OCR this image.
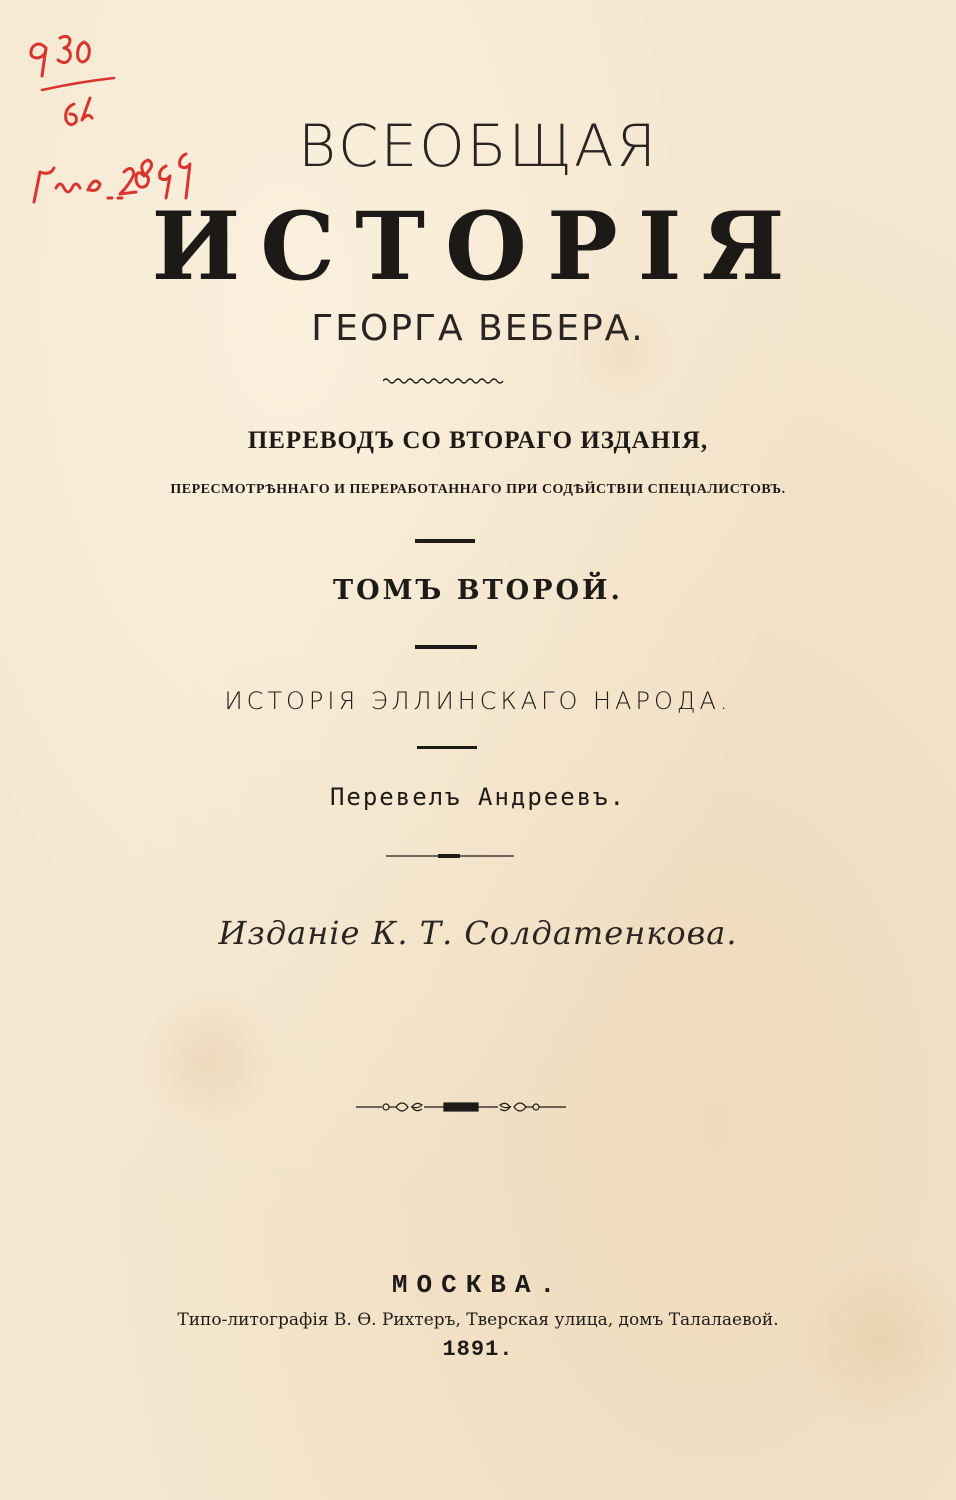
ВСЕОБЩАЯ
ИСТОРІЯ
ГЕОРГА ВЕБЕРА.
ПЕРЕВОДЪ СО ВТОРАГО ИЗДАНІЯ,
ПЕРЕСМОТРѢННАГО И ПЕРЕРАБОТАННАГО ПРИ СОДѢЙСТВІИ СПЕЦІАЛИСТОВЪ.
ТОМЪ ВТОРОЙ.
ИСТОРІЯ ЭЛЛИНСКАГО НАРОДА.
Перевелъ Андреевъ.
Изданіе К. Т. Солдатенкова.
МОСКВА.
Типо-литографія В. Ѳ. Рихтеръ, Тверская улица, домъ Талалаевой.
1891.
